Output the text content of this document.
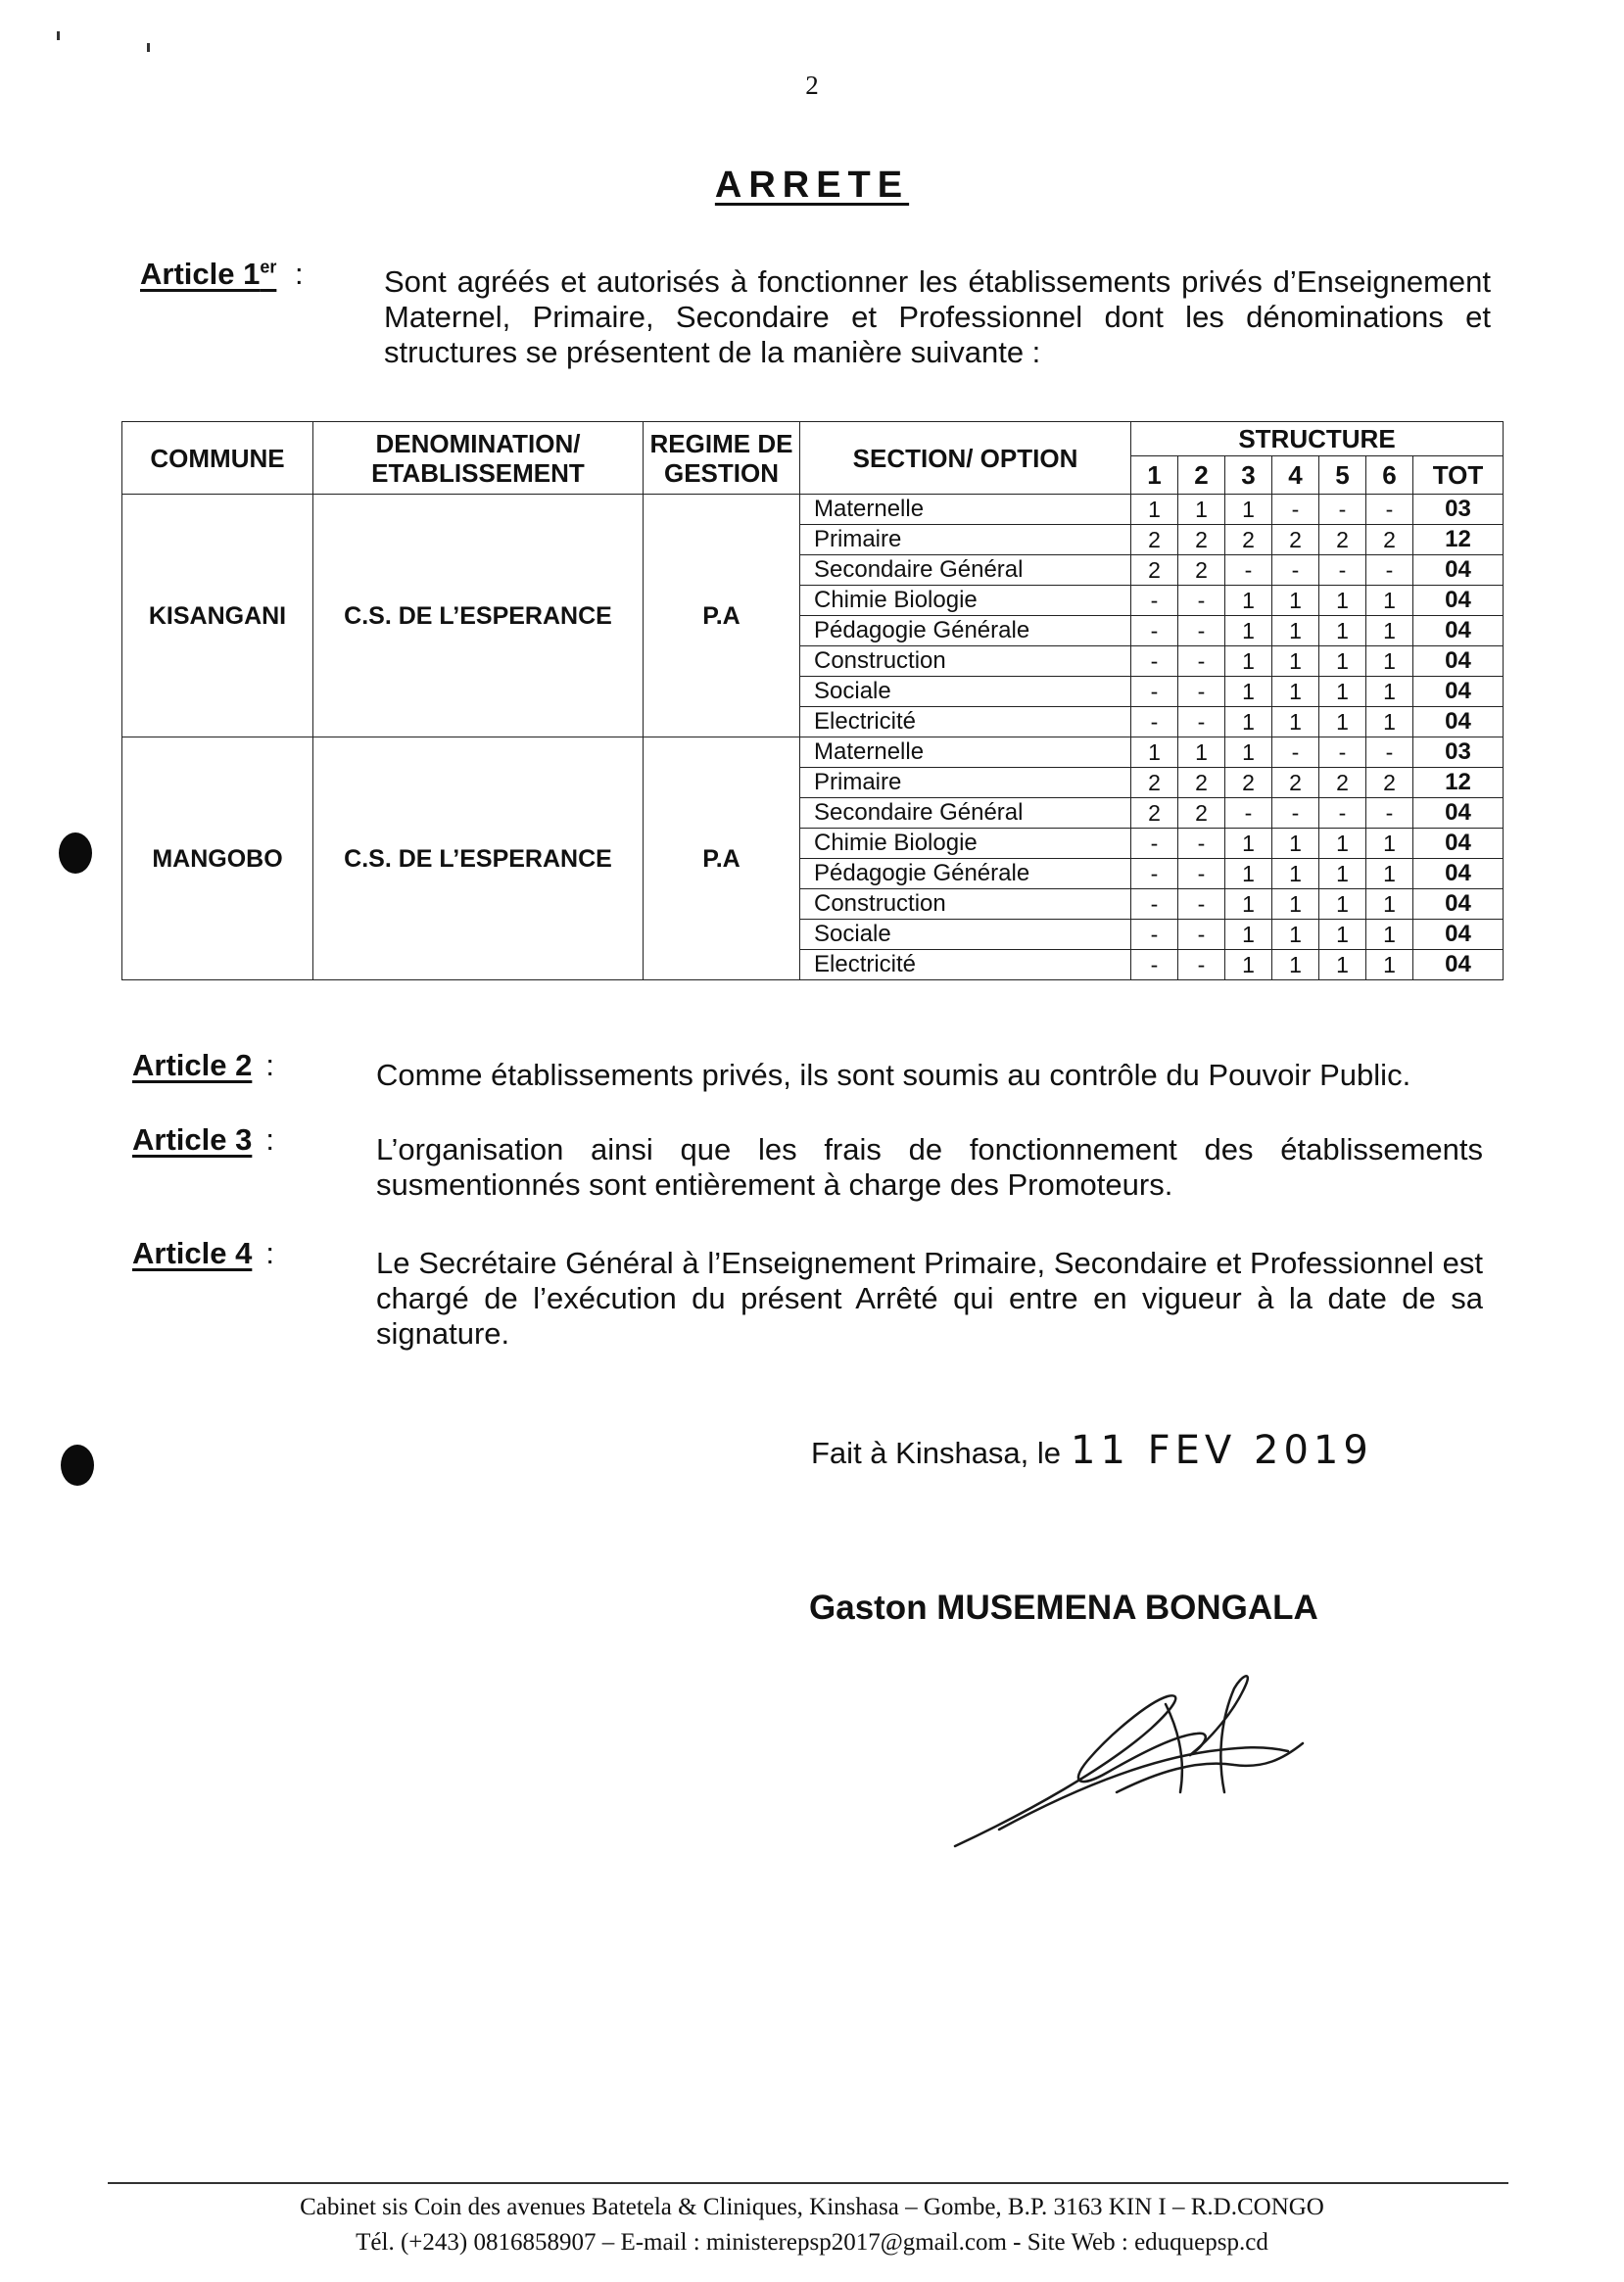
2
ARRETE
Article 1er :	Sont agréés et autorisés à fonctionner les établissements privés d’Enseignement Maternel, Primaire, Secondaire et Professionnel dont les dénominations et structures se présentent de la manière suivante :
COMMUNE	DENOMINATION/ ETABLISSEMENT	REGIME DE GESTION	SECTION/ OPTION	STRUCTURE						
				1	2	3	4	5	6	TOT
KISANGANI	C.S. DE L’ESPERANCE	P.A	Maternelle	1	1	1	-	-	-	03
			Primaire	2	2	2	2	2	2	12
			Secondaire Général	2	2	-	-	-	-	04
			Chimie Biologie	-	-	1	1	1	1	04
			Pédagogie Générale	-	-	1	1	1	1	04
			Construction	-	-	1	1	1	1	04
			Sociale	-	-	1	1	1	1	04
			Electricité	-	-	1	1	1	1	04
MANGOBO	C.S. DE L’ESPERANCE	P.A	Maternelle	1	1	1	-	-	-	03
			Primaire	2	2	2	2	2	2	12
			Secondaire Général	2	2	-	-	-	-	04
			Chimie Biologie	-	-	1	1	1	1	04
			Pédagogie Générale	-	-	1	1	1	1	04
			Construction	-	-	1	1	1	1	04
			Sociale	-	-	1	1	1	1	04
			Electricité	-	-	1	1	1	1	04
Article 2 :	Comme établissements privés, ils sont soumis au contrôle du Pouvoir Public.
Article 3 :	L’organisation ainsi que les frais de fonctionnement des établissements susmentionnés sont entièrement à charge des Promoteurs.
Article 4 :	Le Secrétaire Général à l’Enseignement Primaire, Secondaire et Professionnel est chargé de l’exécution du présent Arrêté qui entre en vigueur à la date de sa signature.
Fait à Kinshasa, le 11 FEV 2019
Gaston MUSEMENA BONGALA
Cabinet sis Coin des avenues Batetela & Cliniques, Kinshasa – Gombe, B.P. 3163 KIN I – R.D.CONGO
Tél. (+243) 0816858907 – E-mail : ministerepsp2017@gmail.com - Site Web : eduquepsp.cd
